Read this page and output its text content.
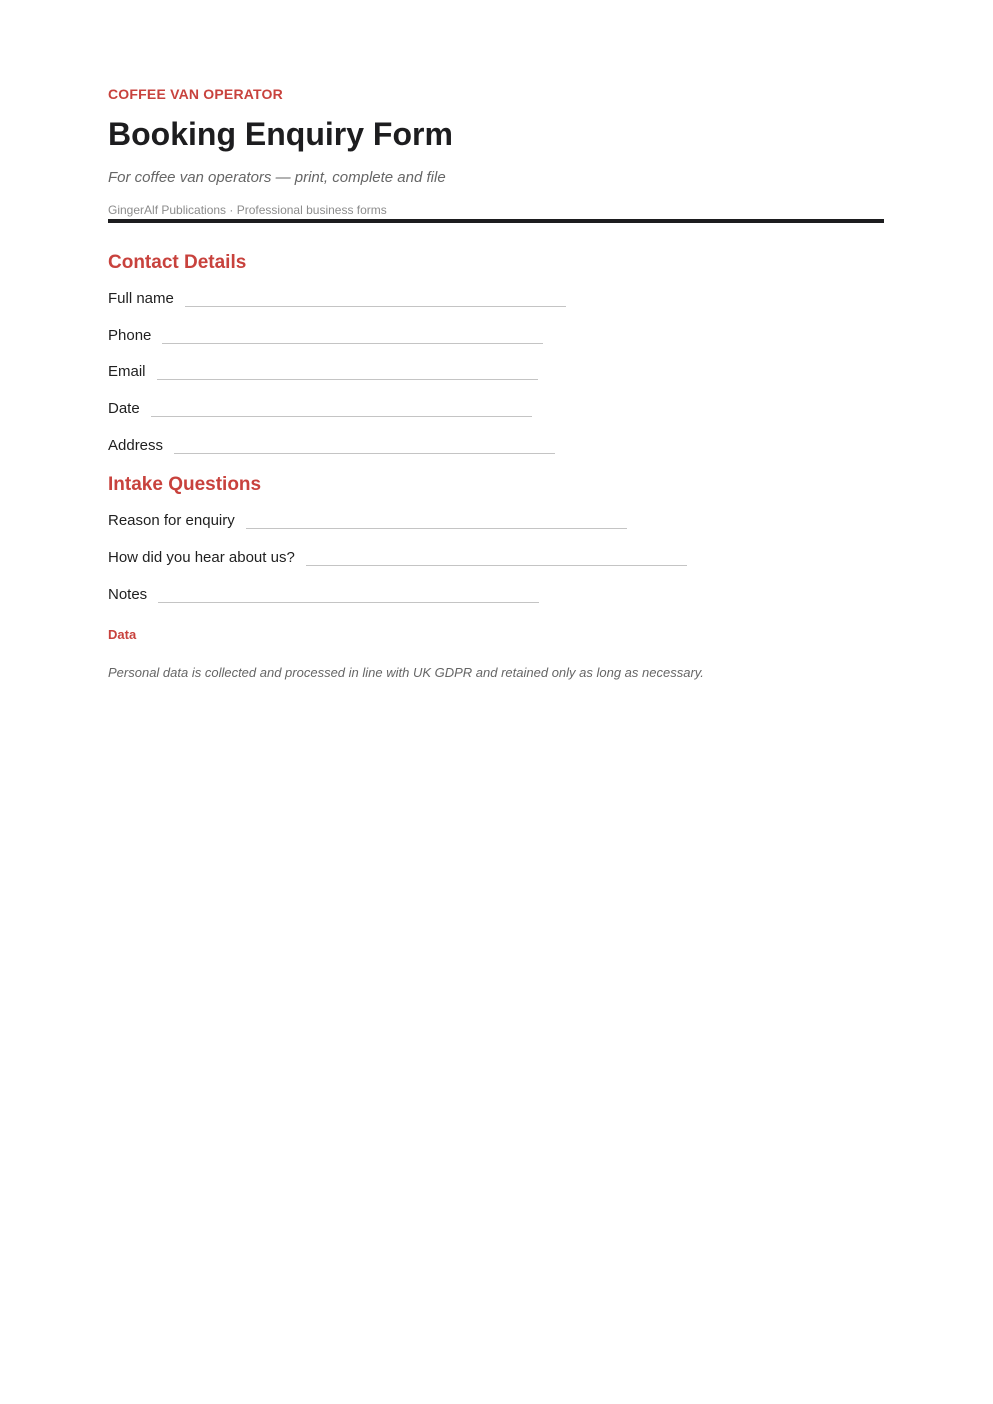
COFFEE VAN OPERATOR
Booking Enquiry Form
For coffee van operators — print, complete and file
GingerAlf Publications · Professional business forms
Contact Details
Full name
Phone
Email
Date
Address
Intake Questions
Reason for enquiry
How did you hear about us?
Notes
Data
Personal data is collected and processed in line with UK GDPR and retained only as long as necessary.
